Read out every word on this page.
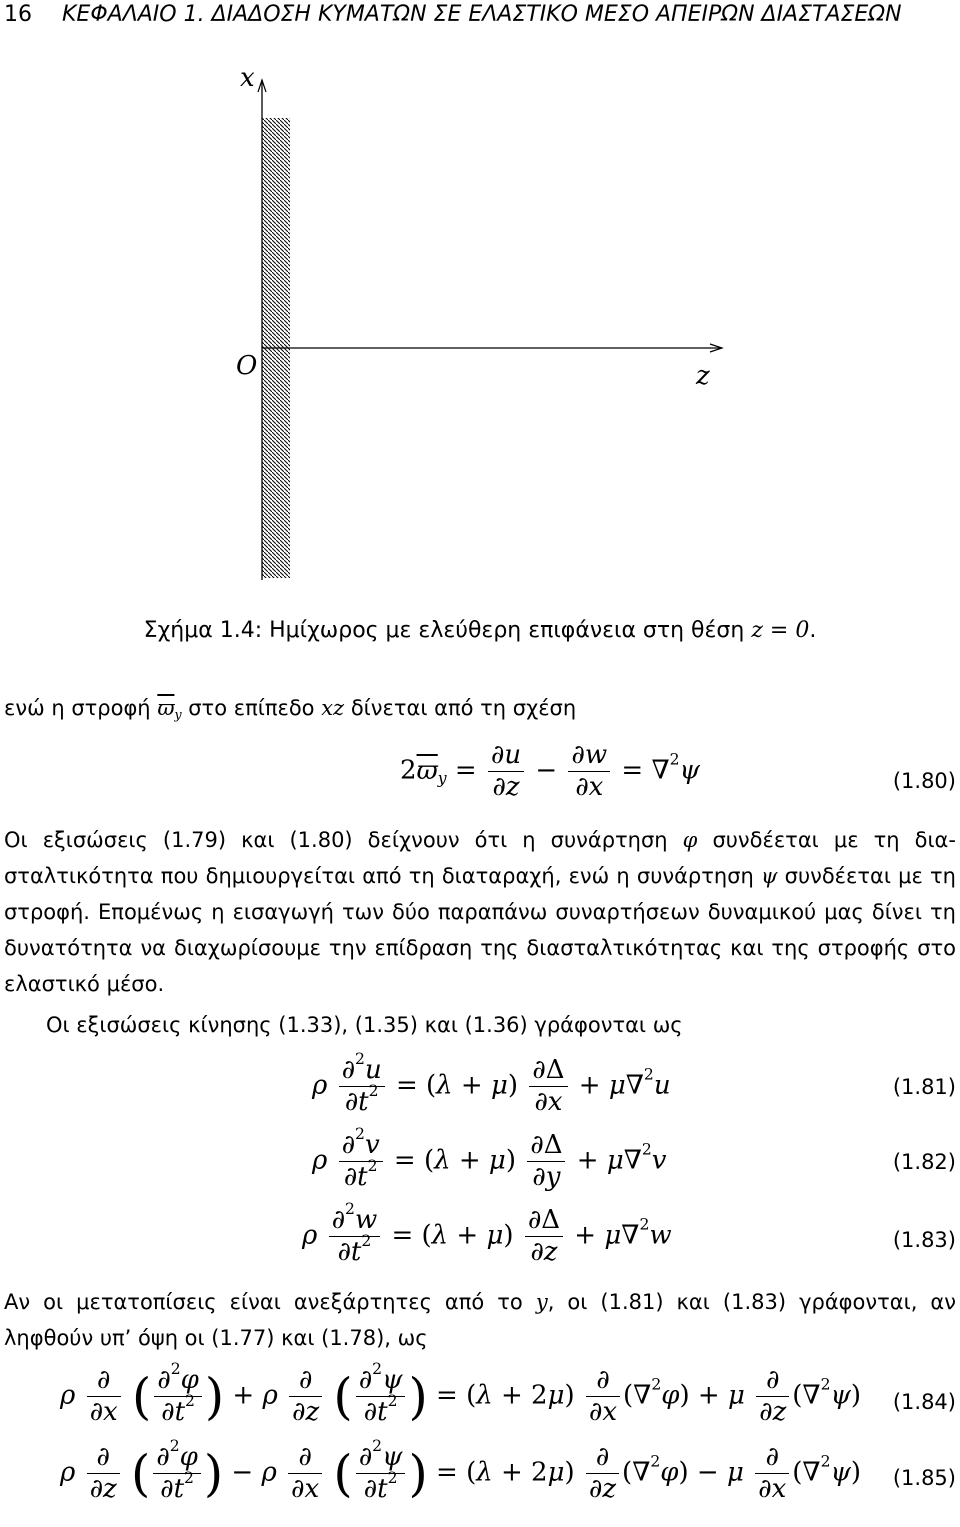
16 ΚΕΦΑΛΑΙΟ 1. ΔΙΑΔΟΣΗ ΚΥΜΑΤΩΝ ΣΕ ΕΛΑΣΤΙΚΟ ΜΕΣΟ ΑΠΕΙΡΩΝ ΔΙΑΣΤΑΣΕΩΝ
x
O	z
Σχήμα 1.4: Ημίχωρος με ελεύθερη επιφάνεια στη θέση z = 0.
ενώ η στροφή $\overline{ϖ}_y$ στο επίπεδο xz δίνεται από τη σχέση
$2\overline{ϖ}_y = \frac{\partial u}{\partial z} - \frac{\partial w}{\partial x} = \nabla^2\psi$	(1.80)
Οι εξισώσεις (1.79) και (1.80) δείχνουν ότι η συνάρτηση φ συνδέεται με τη δια-σταλτικότητα που δημιουργείται από τη διαταραχή, ενώ η συνάρτηση ψ συνδέεται με τη στροφή. Επομένως η εισαγωγή των δύο παραπάνω συναρτήσεων δυναμικού μας δίνει τη δυνατότητα να διαχωρίσουμε την επίδραση της διασταλτικότητας και της στροφής στο ελαστικό μέσο.
Οι εξισώσεις κίνησης (1.33), (1.35) και (1.36) γράφονται ως
ρ $\frac{\partial^2u}{\partial t^2} = (\lambda + \mu) \frac{\partial\Delta}{\partial x} + \mu\nabla^2u$	(1.81)
ρ $\frac{\partial^2v}{\partial t^2} = (\lambda + \mu) \frac{\partial\Delta}{\partial y} + \mu\nabla^2v$	(1.82)
ρ $\frac{\partial^2w}{\partial t^2} = (\lambda + \mu) \frac{\partial\Delta}{\partial z} + \mu\nabla^2w$	(1.83)
Αν οι μετατοπίσεις είναι ανεξάρτητες από το y, οι (1.81) και (1.83) γράφονται, αν ληφθούν υπ’ όψη οι (1.77) και (1.78), ως
ρ $\frac{\partial}{\partial x}$ ( $\frac{\partial^2\varphi}{\partial t^2}$ ) + ρ $\frac{\partial}{\partial z}$ ( $\frac{\partial^2\psi}{\partial t^2}$ ) = $(\lambda + 2\mu) \frac{\partial}{\partial x} (\nabla^2\varphi) + \mu \frac{\partial}{\partial z} (\nabla^2\psi)$ (1.84)
ρ $\frac{\partial}{\partial z}$ ( $\frac{\partial^2\varphi}{\partial t^2}$ ) − ρ $\frac{\partial}{\partial x}$ ( $\frac{\partial^2\psi}{\partial t^2}$ ) = $(\lambda + 2\mu) \frac{\partial}{\partial z} (\nabla^2\varphi) - \mu \frac{\partial}{\partial x} (\nabla^2\psi)$ (1.85)
